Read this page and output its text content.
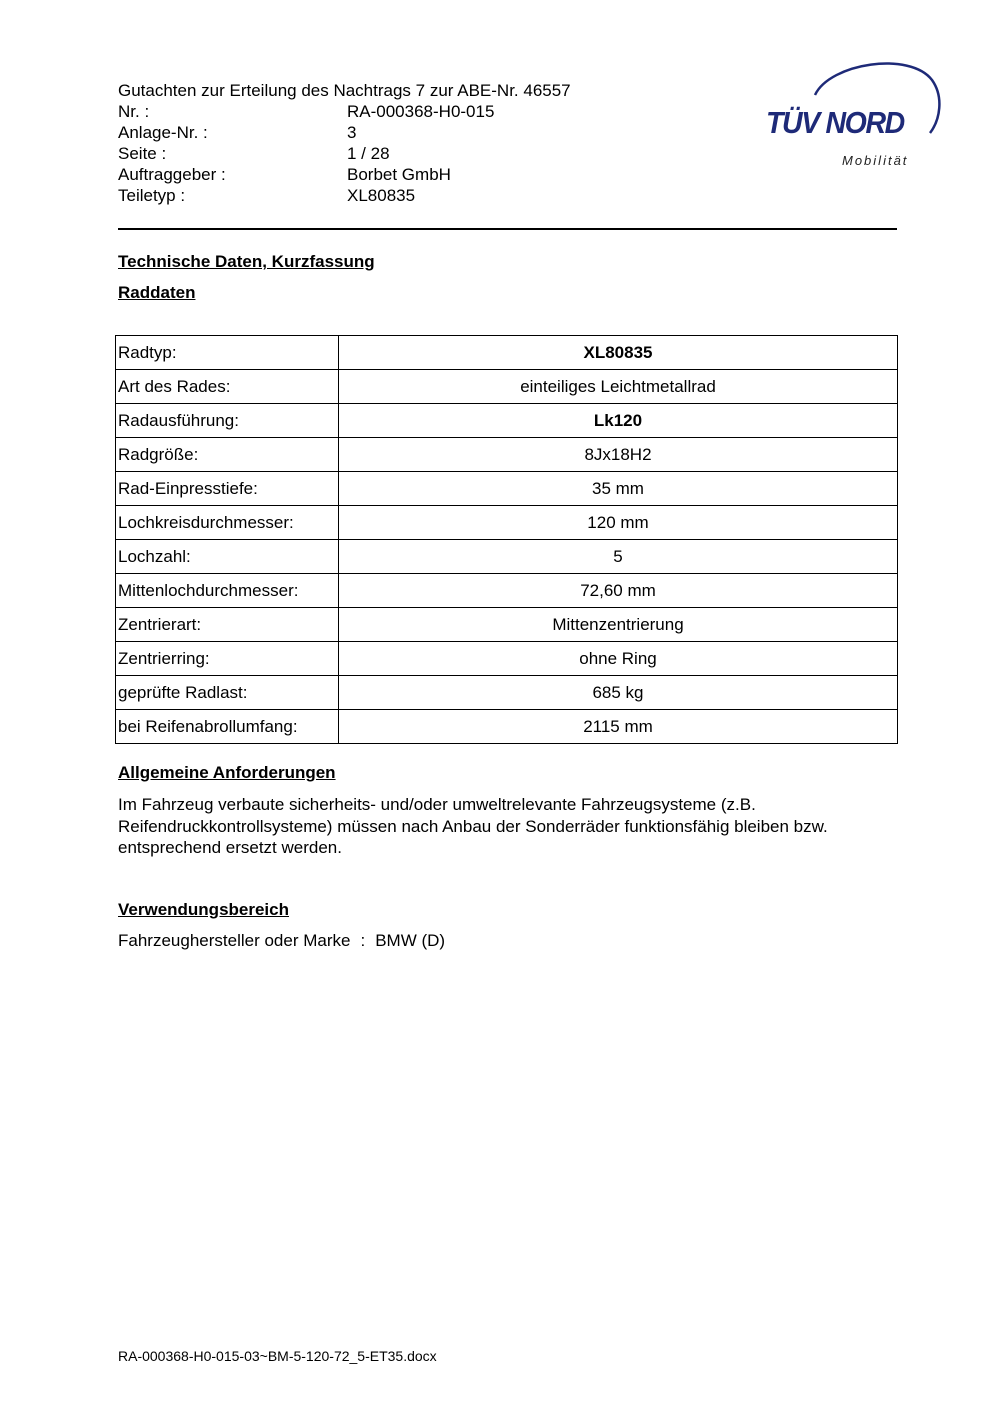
Gutachten zur Erteilung des Nachtrags 7 zur ABE-Nr. 46557
Nr. :	RA-000368-H0-015
Anlage-Nr. :	3
Seite :	1 / 28
Auftraggeber :	Borbet GmbH
Teiletyp :	XL80835
TÜV NORD
Mobilität
Technische Daten, Kurzfassung
Raddaten
Radtyp:	XL80835
Art des Rades:	einteiliges Leichtmetallrad
Radausführung:	Lk120
Radgröße:	8Jx18H2
Rad-Einpresstiefe:	35 mm
Lochkreisdurchmesser:	120 mm
Lochzahl:	5
Mittenlochdurchmesser:	72,60 mm
Zentrierart:	Mittenzentrierung
Zentrierring:	ohne Ring
geprüfte Radlast:	685 kg
bei Reifenabrollumfang:	2115 mm
Allgemeine Anforderungen
Im Fahrzeug verbaute sicherheits- und/oder umweltrelevante Fahrzeugsysteme (z.B. Reifendruckkontrollsysteme) müssen nach Anbau der Sonderräder funktionsfähig bleiben bzw. entsprechend ersetzt werden.
Verwendungsbereich
Fahrzeughersteller oder Marke : BMW (D)
RA-000368-H0-015-03~BM-5-120-72_5-ET35.docx
